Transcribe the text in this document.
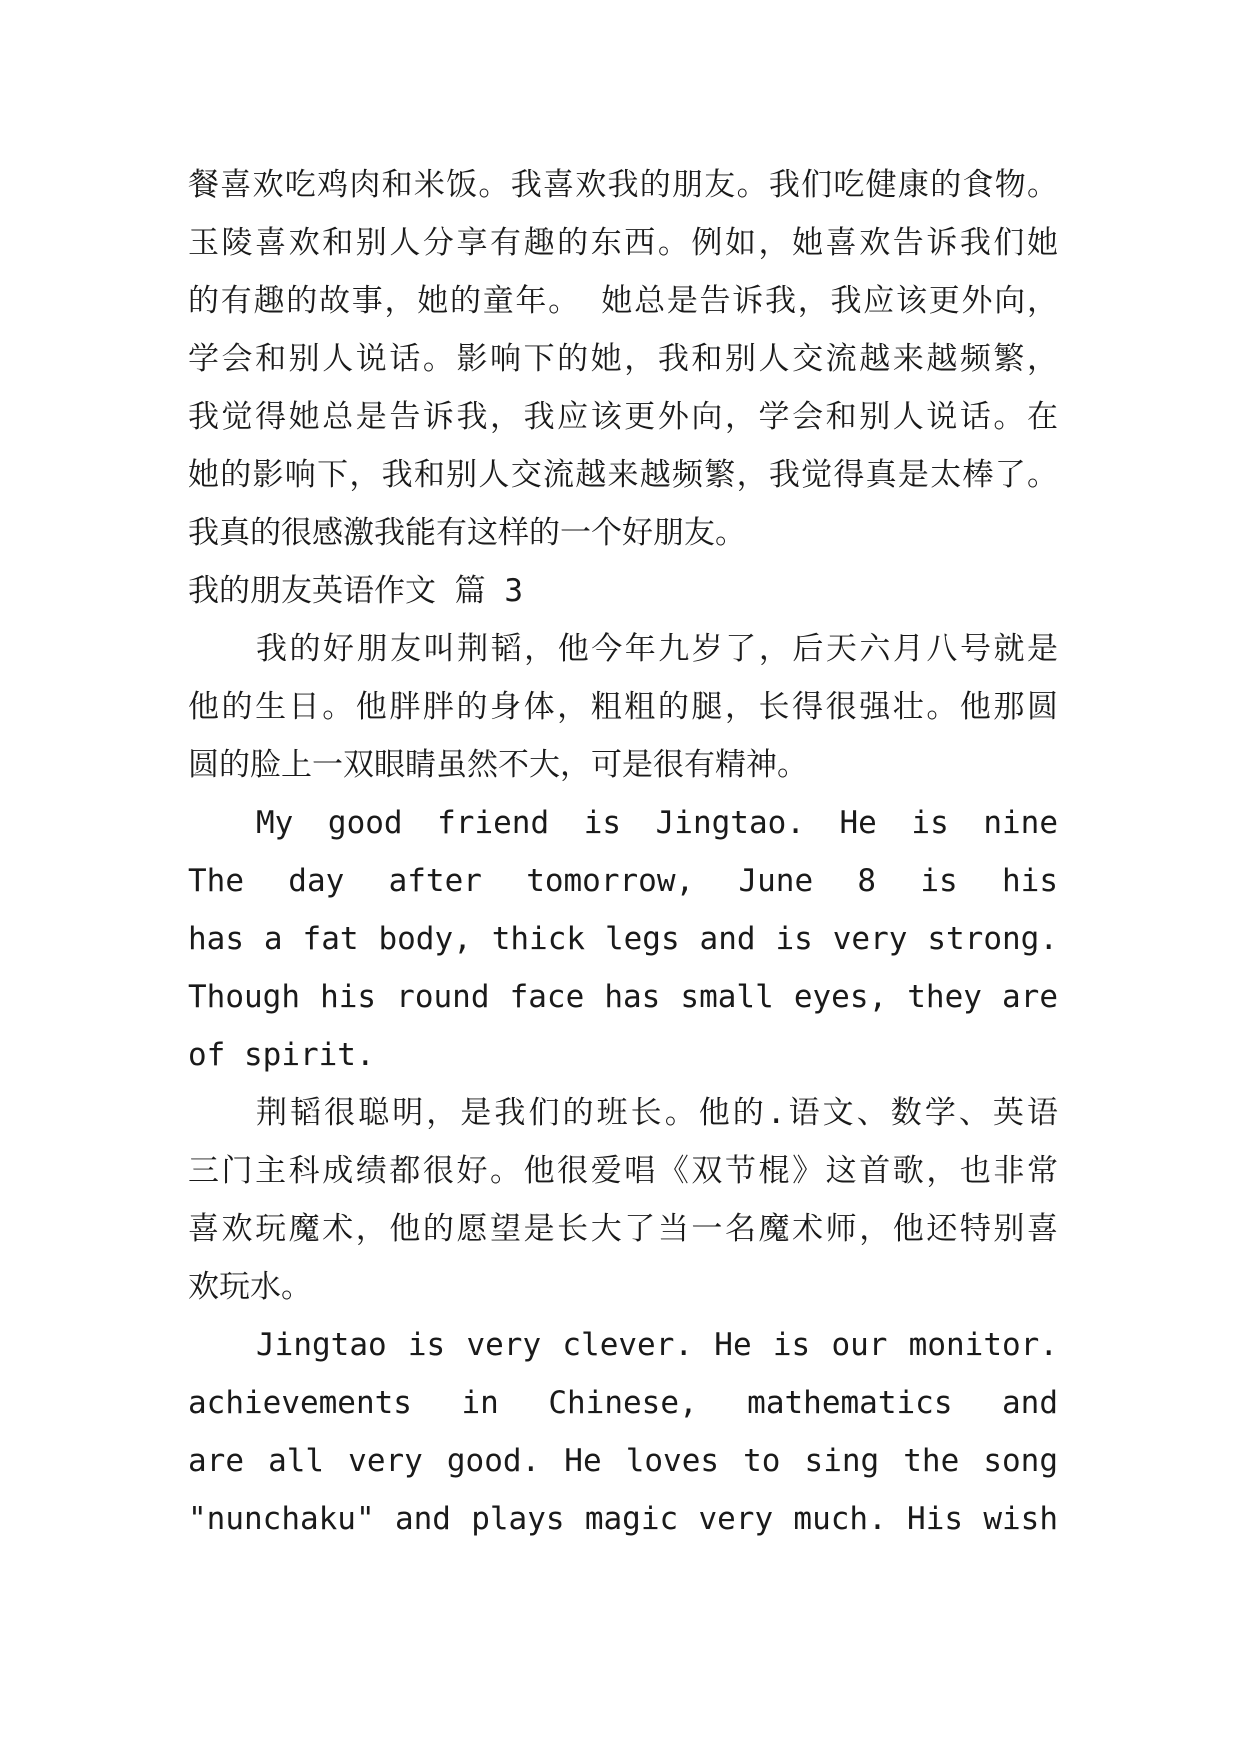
餐喜欢吃鸡肉和米饭。我喜欢我的朋友。我们吃健康的食物。
玉陵喜欢和别人分享有趣的东西。例如，她喜欢告诉我们她
的有趣的故事，她的童年。 她总是告诉我，我应该更外向，
学会和别人说话。影响下的她，我和别人交流越来越频繁，
我觉得她总是告诉我，我应该更外向，学会和别人说话。在
她的影响下，我和别人交流越来越频繁，我觉得真是太棒了。
我真的很感激我能有这样的一个好朋友。
我的朋友英语作文 篇 3
我的好朋友叫荆韬，他今年九岁了，后天六月八号就是
他的生日。他胖胖的身体，粗粗的腿，长得很强壮。他那圆
圆的脸上一双眼睛虽然不大，可是很有精神。
My good friend is Jingtao. He is nine
The day after tomorrow, June 8 is his
has a fat body, thick legs and is very strong.
Though his round face has small eyes, they are
of spirit.
荆韬很聪明，是我们的班长。他的.语文、数学、英语
三门主科成绩都很好。他很爱唱《双节棍》这首歌，也非常
喜欢玩魔术，他的愿望是长大了当一名魔术师，他还特别喜
欢玩水。
Jingtao is very clever. He is our monitor.
achievements in Chinese, mathematics and
are all very good. He loves to sing the song
"nunchaku" and plays magic very much. His wish
